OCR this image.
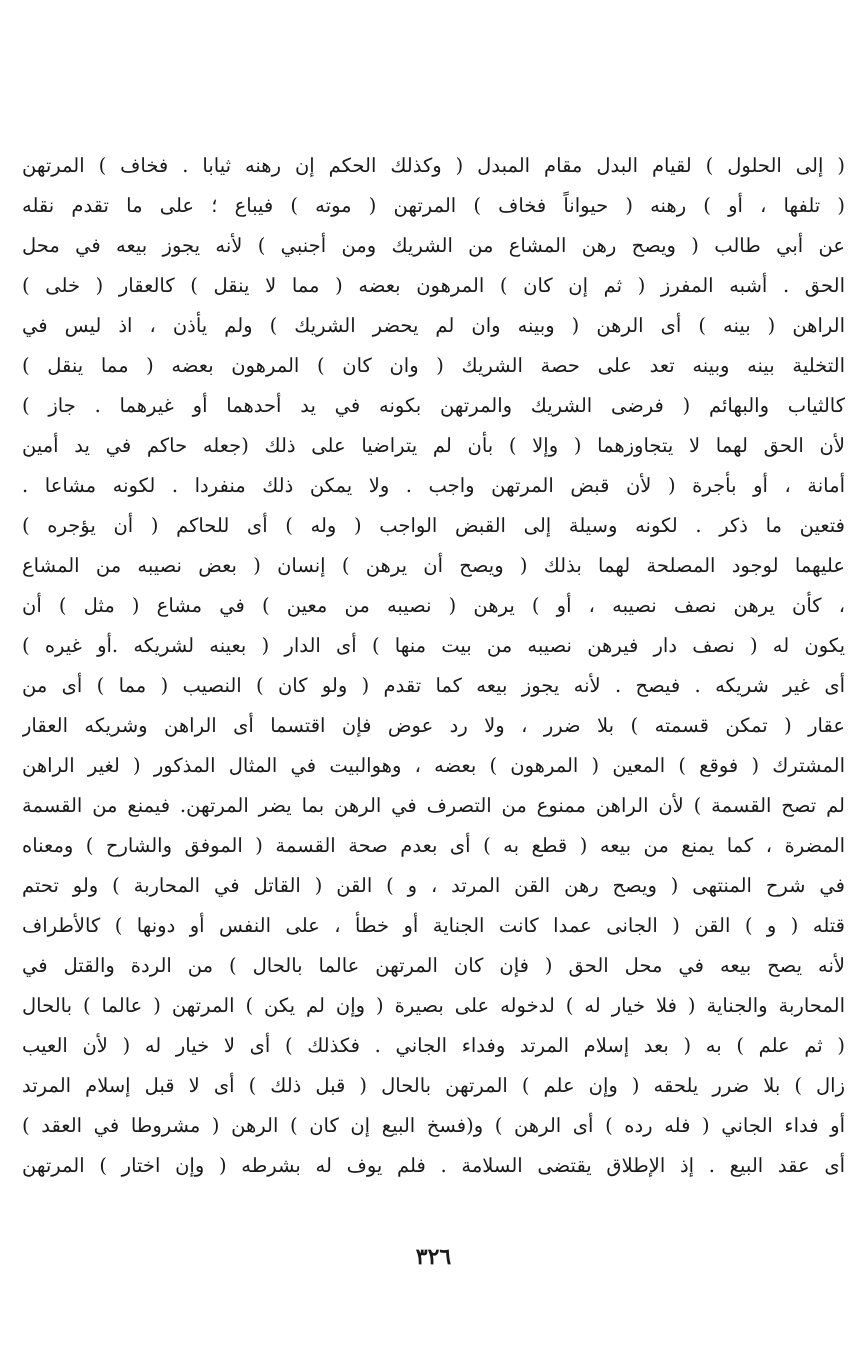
( إلى الحلول ) لقيام البدل مقام المبدل ( وكذلك الحكم إن رهنه ثيابا . فخاف ) المرتهن
( تلفها ، أو ) رهنه ( حيواناً فخاف ) المرتهن ( موته ) فيباع ؛ على ما تقدم نقله
عن أبي طالب ( ويصح رهن المشاع من الشريك ومن أجنبي ) لأنه يجوز بيعه في محل
الحق . أشبه المفرز ( ثم إن كان ) المرهون بعضه ( مما لا ينقل ) كالعقار ( خلى )
الراهن ( بينه ) أى الرهن ( وبينه وان لم يحضر الشريك ) ولم يأذن ، اذ ليس في
التخلية بينه وبينه تعد على حصة الشريك ( وان كان ) المرهون بعضه ( مما ينقل )
كالثياب والبهائم ( فرضى الشريك والمرتهن بكونه في يد أحدهما أو غيرهما . جاز )
لأن الحق لهما لا يتجاوزهما ( وإلا ) بأن لم يتراضيا على ذلك (جعله حاكم في يد أمين
أمانة ، أو بأجرة ( لأن قبض المرتهن واجب . ولا يمكن ذلك منفردا . لكونه مشاعا .
فتعين ما ذكر . لكونه وسيلة إلى القبض الواجب ( وله ) أى للحاكم ( أن يؤجره )
عليهما لوجود المصلحة لهما بذلك ( ويصح أن يرهن ) إنسان ( بعض نصيبه من المشاع
، كأن يرهن نصف نصيبه ، أو ) يرهن ( نصيبه من معين ) في مشاع ( مثل ) أن
يكون له ( نصف دار فيرهن نصيبه من بيت منها ) أى الدار ( بعينه لشريكه .أو غيره )
أى غير شريكه . فيصح . لأنه يجوز بيعه كما تقدم ( ولو كان ) النصيب ( مما ) أى من
عقار ( تمكن قسمته ) بلا ضرر ، ولا رد عوض فإن اقتسما أى الراهن وشريكه العقار
المشترك ( فوقع ) المعين ( المرهون ) بعضه ، وهوالبيت في المثال المذكور ( لغير الراهن
لم تصح القسمة ) لأن الراهن ممنوع من التصرف في الرهن بما يضر المرتهن. فيمنع من القسمة
المضرة ، كما يمنع من بيعه ( قطع به ) أى بعدم صحة القسمة ( الموفق والشارح ) ومعناه
في شرح المنتهى ( ويصح رهن القن المرتد ، و ) القن ( القاتل في المحاربة ) ولو تحتم
قتله ( و ) القن ( الجانى عمدا كانت الجناية أو خطأ ، على النفس أو دونها ) كالأطراف
لأنه يصح بيعه في محل الحق ( فإن كان المرتهن عالما بالحال ) من الردة والقتل في
المحاربة والجناية ( فلا خيار له ) لدخوله على بصيرة ( وإن لم يكن ) المرتهن ( عالما ) بالحال
( ثم علم ) به ( بعد إسلام المرتد وفداء الجاني . فكذلك ) أى لا خيار له ( لأن العيب
زال ) بلا ضرر يلحقه ( وإن علم ) المرتهن بالحال ( قبل ذلك ) أى لا قبل إسلام المرتد
أو فداء الجاني ( فله رده ) أى الرهن ) و(فسخ البيع إن كان ) الرهن ( مشروطا في العقد )
أى عقد البيع . إذ الإطلاق يقتضى السلامة . فلم يوف له بشرطه ( وإن اختار ) المرتهن
٣٢٦
